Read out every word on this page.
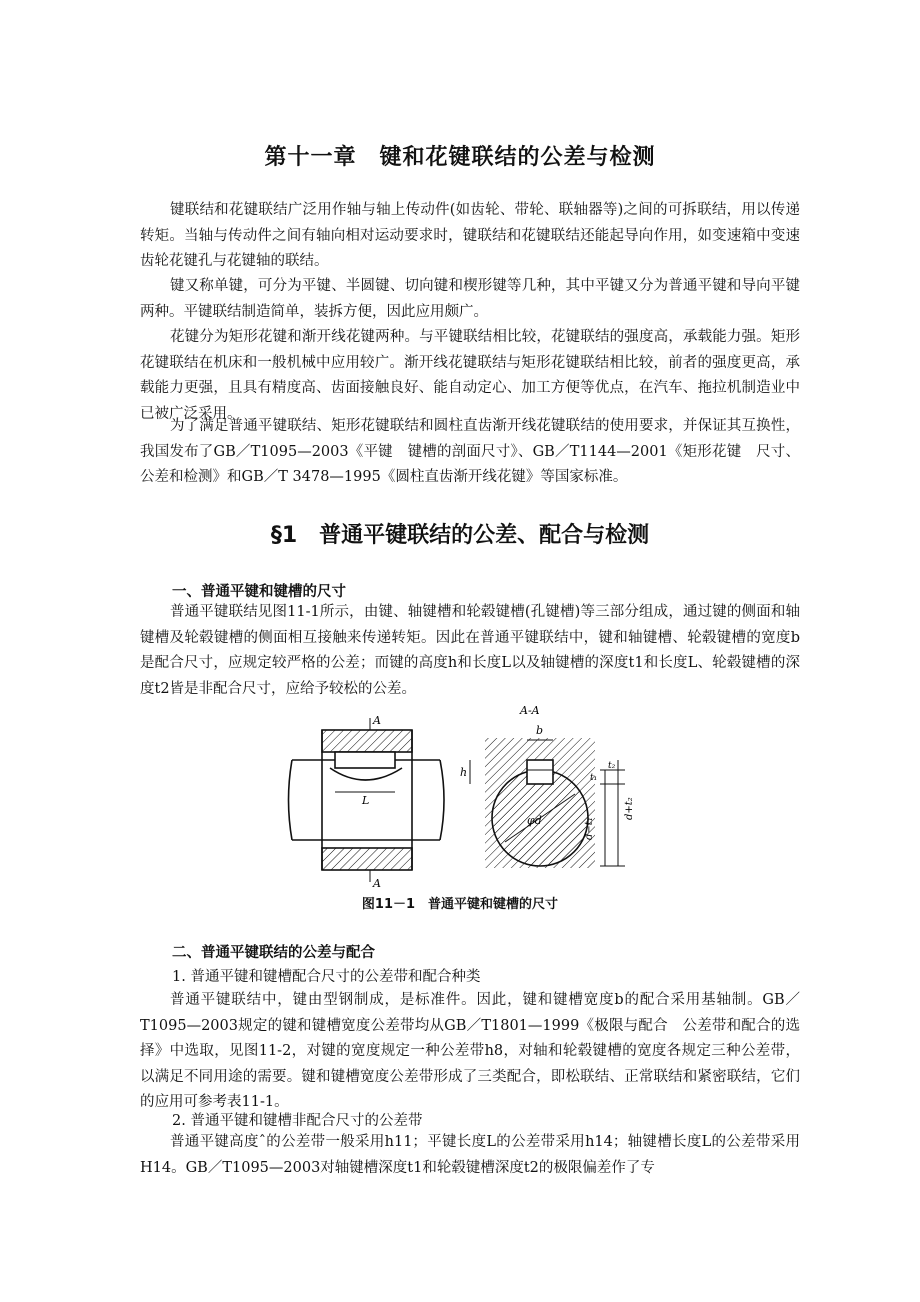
第十一章　键和花键联结的公差与检测

键联结和花键联结广泛用作轴与轴上传动件(如齿轮、带轮、联轴器等)之间的可拆联结，用以传递转矩。当轴与传动件之间有轴向相对运动要求时，键联结和花键联结还能起导向作用，如变速箱中变速齿轮花键孔与花键轴的联结。

键又称单键，可分为平键、半圆键、切向键和楔形键等几种，其中平键又分为普通平键和导向平键两种。平键联结制造简单，装拆方便，因此应用颇广。

花键分为矩形花键和渐开线花键两种。与平键联结相比较，花键联结的强度高，承载能力强。矩形花键联结在机床和一般机械中应用较广。渐开线花键联结与矩形花键联结相比较，前者的强度更高，承载能力更强，且具有精度高、齿面接触良好、能自动定心、加工方便等优点，在汽车、拖拉机制造业中已被广泛采用。

为了满足普通平键联结、矩形花键联结和圆柱直齿渐开线花键联结的使用要求，并保证其互换性，我国发布了GB／T1095—2003《平键　键槽的剖面尺寸》、GB／T1144—2001《矩形花键　尺寸、公差和检测》和GB／T 3478—1995《圆柱直齿渐开线花键》等国家标准。

§1　普通平键联结的公差、配合与检测
一、普通平键和键槽的尺寸

普通平键联结见图11-1所示，由键、轴键槽和轮毂键槽(孔键槽)等三部分组成，通过键的侧面和轴键槽及轮毂键槽的侧面相互接触来传递转矩。因此在普通平键联结中，键和轴键槽、轮毂键槽的宽度b是配合尺寸，应规定较严格的公差；而键的高度h和长度L以及轴键槽的深度t1和长度L、轮毂键槽的深度t2皆是非配合尺寸，应给予较松的公差。

A
A
L
A-A
b
h	t₁
t₂
φd	d−t₁
d+t₂
图11－1　普通平键和键槽的尺寸
二、普通平键联结的公差与配合
1. 普通平键和键槽配合尺寸的公差带和配合种类

普通平键联结中，键由型钢制成，是标准件。因此，键和键槽宽度b的配合采用基轴制。GB／T1095—2003规定的键和键槽宽度公差带均从GB／T1801—1999《极限与配合　公差带和配合的选择》中选取，见图11-2，对键的宽度规定一种公差带h8，对轴和轮毂键槽的宽度各规定三种公差带，以满足不同用途的需要。键和键槽宽度公差带形成了三类配合，即松联结、正常联结和紧密联结，它们的应用可参考表11-1。

2. 普通平键和键槽非配合尺寸的公差带

普通平键高度ˆ的公差带一般采用h11；平键长度L的公差带采用h14；轴键槽长度L的公差带采用H14。GB／T1095—2003对轴键槽深度t1和轮毂键槽深度t2的极限偏差作了专
